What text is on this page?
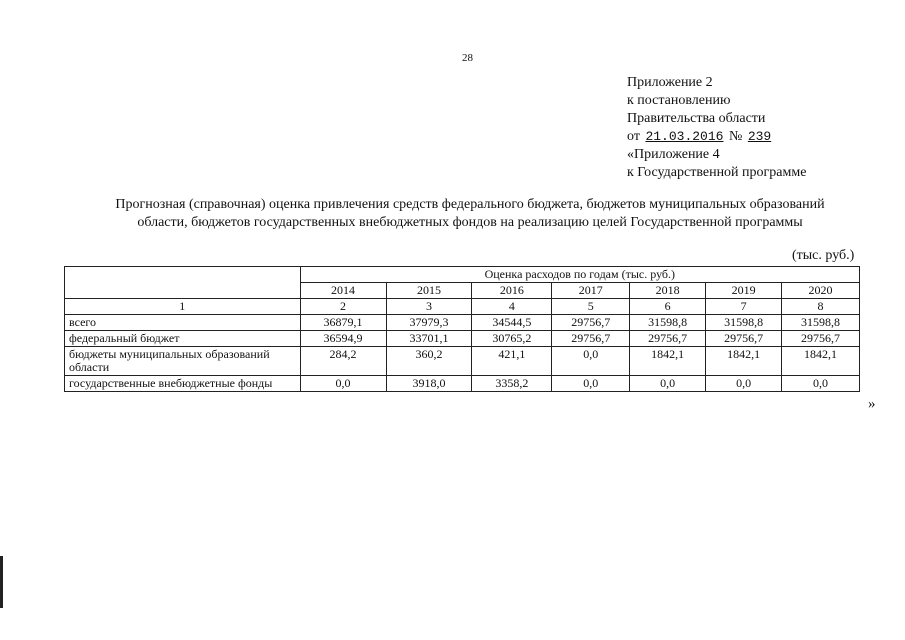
28
Приложение 2
к постановлению
Правительства области
от 21.03.2016 № 239
«Приложение 4
к Государственной программе
Прогнозная (справочная) оценка привлечения средств федерального бюджета, бюджетов муниципальных образований
области, бюджетов государственных внебюджетных фондов на реализацию целей Государственной программы
(тыс. руб.)
	Оценка расходов по годам (тыс. руб.)						
	2014	2015	2016	2017	2018	2019	2020
1	2	3	4	5	6	7	8
всего	36879,1	37979,3	34544,5	29756,7	31598,8	31598,8	31598,8
федеральный бюджет	36594,9	33701,1	30765,2	29756,7	29756,7	29756,7	29756,7
бюджеты муниципальных образований области	284,2	360,2	421,1	0,0	1842,1	1842,1	1842,1
государственные внебюджетные фонды	0,0	3918,0	3358,2	0,0	0,0	0,0	0,0
»
